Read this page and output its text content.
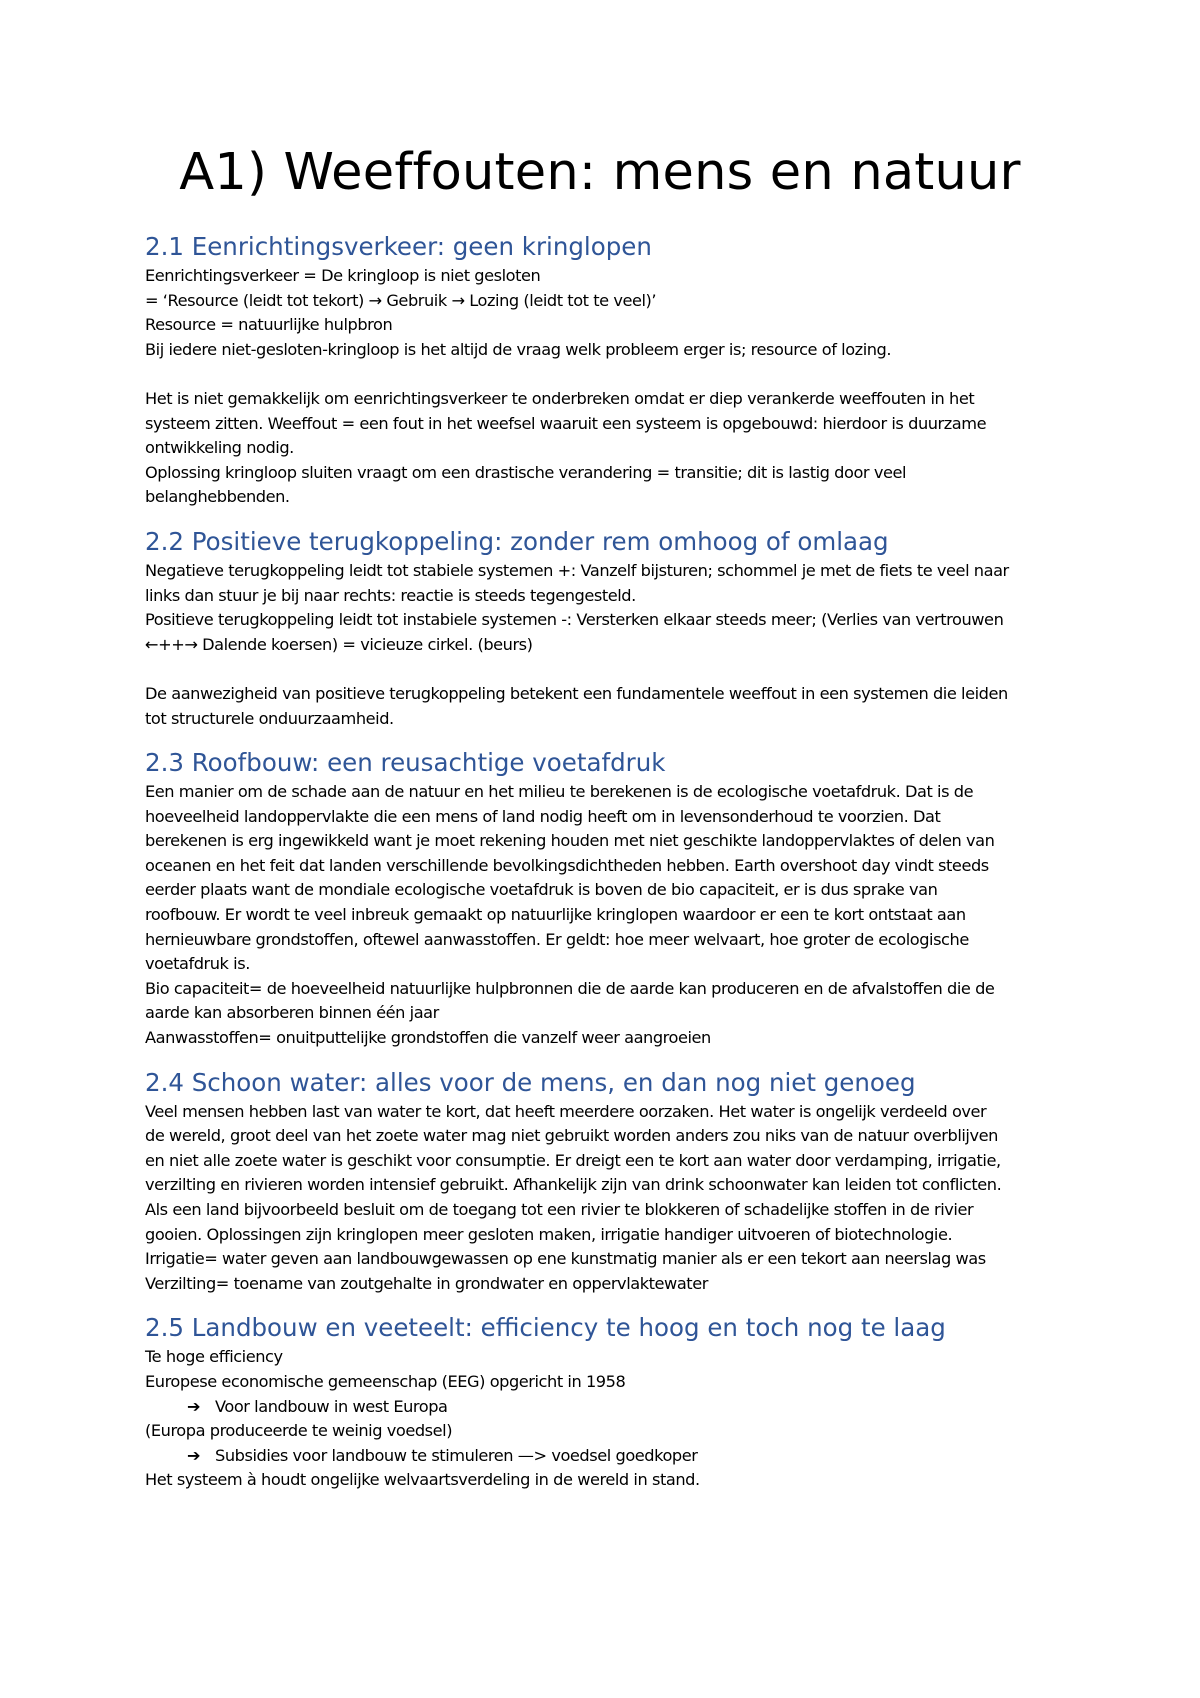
A1) Weeffouten: mens en natuur
2.1 Eenrichtingsverkeer: geen kringlopen
Eenrichtingsverkeer = De kringloop is niet gesloten
= ‘Resource (leidt tot tekort) → Gebruik → Lozing (leidt tot te veel)’
Resource = natuurlijke hulpbron
Bij iedere niet-gesloten-kringloop is het altijd de vraag welk probleem erger is; resource of lozing.
Het is niet gemakkelijk om eenrichtingsverkeer te onderbreken omdat er diep verankerde weeffouten in het
systeem zitten. Weeffout = een fout in het weefsel waaruit een systeem is opgebouwd: hierdoor is duurzame
ontwikkeling nodig.
Oplossing kringloop sluiten vraagt om een drastische verandering = transitie; dit is lastig door veel
belanghebbenden.
2.2 Positieve terugkoppeling: zonder rem omhoog of omlaag
Negatieve terugkoppeling leidt tot stabiele systemen +: Vanzelf bijsturen; schommel je met de fiets te veel naar
links dan stuur je bij naar rechts: reactie is steeds tegengesteld.
Positieve terugkoppeling leidt tot instabiele systemen -: Versterken elkaar steeds meer; (Verlies van vertrouwen
←++→ Dalende koersen) = vicieuze cirkel. (beurs)
De aanwezigheid van positieve terugkoppeling betekent een fundamentele weeffout in een systemen die leiden
tot structurele onduurzaamheid.
2.3 Roofbouw: een reusachtige voetafdruk
Een manier om de schade aan de natuur en het milieu te berekenen is de ecologische voetafdruk. Dat is de
hoeveelheid landoppervlakte die een mens of land nodig heeft om in levensonderhoud te voorzien. Dat
berekenen is erg ingewikkeld want je moet rekening houden met niet geschikte landoppervlaktes of delen van
oceanen en het feit dat landen verschillende bevolkingsdichtheden hebben. Earth overshoot day vindt steeds
eerder plaats want de mondiale ecologische voetafdruk is boven de bio capaciteit, er is dus sprake van
roofbouw. Er wordt te veel inbreuk gemaakt op natuurlijke kringlopen waardoor er een te kort ontstaat aan
hernieuwbare grondstoffen, oftewel aanwasstoffen. Er geldt: hoe meer welvaart, hoe groter de ecologische
voetafdruk is.
Bio capaciteit= de hoeveelheid natuurlijke hulpbronnen die de aarde kan produceren en de afvalstoffen die de
aarde kan absorberen binnen één jaar
Aanwasstoffen= onuitputtelijke grondstoffen die vanzelf weer aangroeien
2.4 Schoon water: alles voor de mens, en dan nog niet genoeg
Veel mensen hebben last van water te kort, dat heeft meerdere oorzaken. Het water is ongelijk verdeeld over
de wereld, groot deel van het zoete water mag niet gebruikt worden anders zou niks van de natuur overblijven
en niet alle zoete water is geschikt voor consumptie. Er dreigt een te kort aan water door verdamping, irrigatie,
verzilting en rivieren worden intensief gebruikt. Afhankelijk zijn van drink schoonwater kan leiden tot conflicten.
Als een land bijvoorbeeld besluit om de toegang tot een rivier te blokkeren of schadelijke stoffen in de rivier
gooien. Oplossingen zijn kringlopen meer gesloten maken, irrigatie handiger uitvoeren of biotechnologie.
Irrigatie= water geven aan landbouwgewassen op ene kunstmatig manier als er een tekort aan neerslag was
Verzilting= toename van zoutgehalte in grondwater en oppervlaktewater
2.5 Landbouw en veeteelt: efficiency te hoog en toch nog te laag
Te hoge efficiency
Europese economische gemeenschap (EEG) opgericht in 1958
➔ Voor landbouw in west Europa
(Europa produceerde te weinig voedsel)
➔ Subsidies voor landbouw te stimuleren —> voedsel goedkoper
Het systeem à houdt ongelijke welvaartsverdeling in de wereld in stand.
